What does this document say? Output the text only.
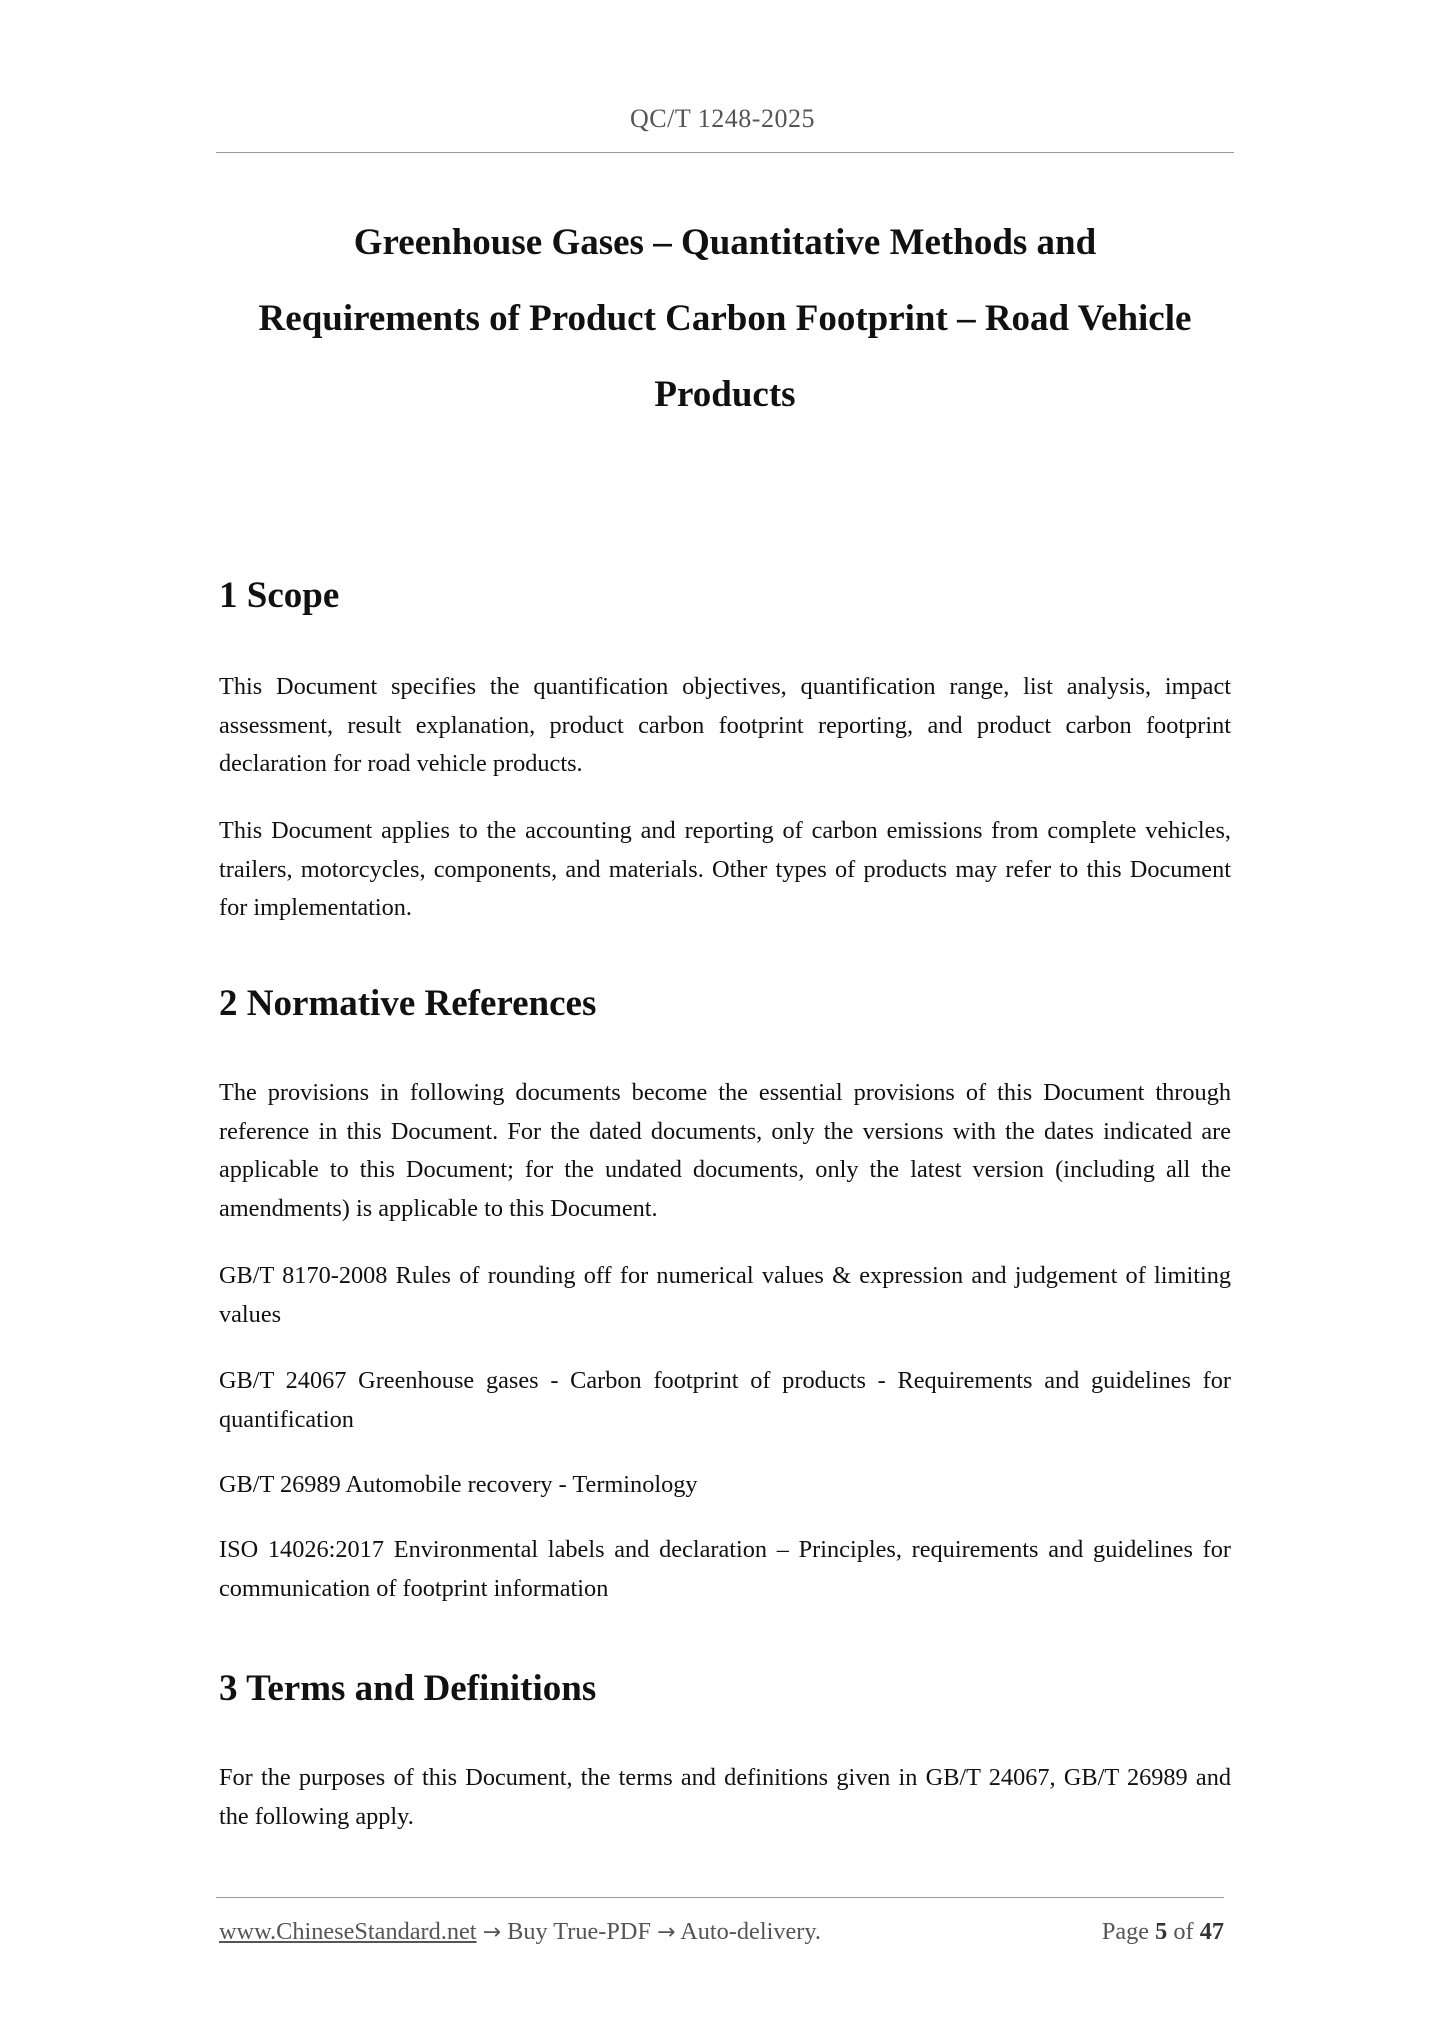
QC/T 1248-2025
Greenhouse Gases – Quantitative Methods and
Requirements of Product Carbon Footprint – Road Vehicle
Products
1 Scope

This Document specifies the quantification objectives, quantification range, list analysis, impact assessment, result explanation, product carbon footprint reporting, and product carbon footprint declaration for road vehicle products.

This Document applies to the accounting and reporting of carbon emissions from complete vehicles, trailers, motorcycles, components, and materials. Other types of products may refer to this Document for implementation.

2 Normative References

The provisions in following documents become the essential provisions of this Document through reference in this Document. For the dated documents, only the versions with the dates indicated are applicable to this Document; for the undated documents, only the latest version (including all the amendments) is applicable to this Document.

GB/T 8170-2008 Rules of rounding off for numerical values & expression and judgement of limiting values

GB/T 24067 Greenhouse gases - Carbon footprint of products - Requirements and guidelines for quantification

GB/T 26989 Automobile recovery - Terminology

ISO 14026:2017 Environmental labels and declaration – Principles, requirements and guidelines for communication of footprint information

3 Terms and Definitions

For the purposes of this Document, the terms and definitions given in GB/T 24067, GB/T 26989 and the following apply.

www.ChineseStandard.net → Buy True-PDF → Auto-delivery.	Page 5 of 47
